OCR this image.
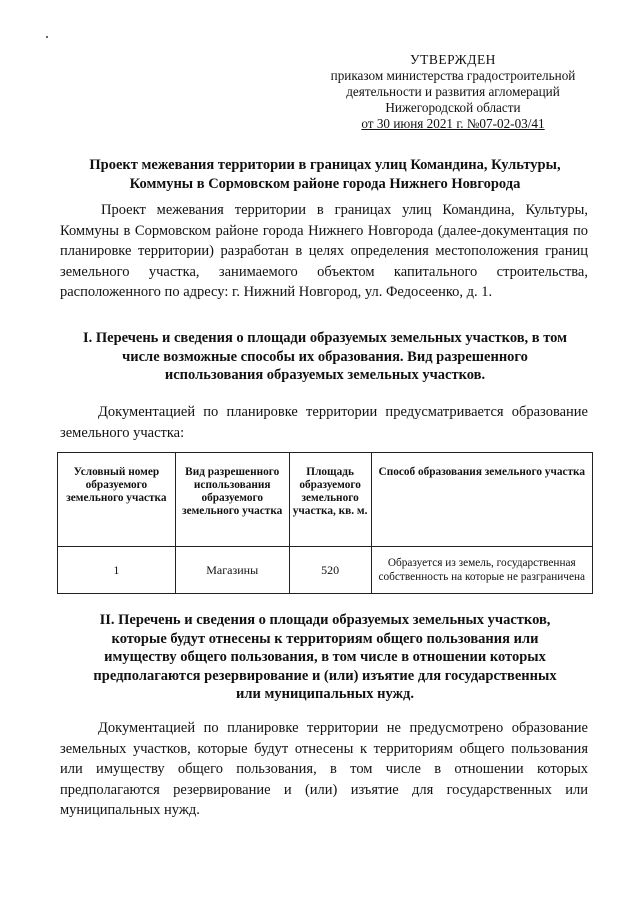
УТВЕРЖДЕН
приказом министерства градостроительной
деятельности и развития агломераций
Нижегородской области
от 30 июня 2021 г. №07-02-03/41
Проект межевания территории в границах улиц Командина, Культуры,
Коммуны в Сормовском районе города Нижнего Новгорода
Проект межевания территории в границах улиц Командина, Культуры, Коммуны в Сормовском районе города Нижнего Новгорода (далее-документация по планировке территории) разработан в целях определения местоположения границ земельного участка, занимаемого объектом капитального строительства, расположенного по адресу: г. Нижний Новгород, ул. Федосеенко, д. 1.
I. Перечень и сведения о площади образуемых земельных участков, в том
числе возможные способы их образования. Вид разрешенного
использования образуемых земельных участков.
Документацией по планировке территории предусматривается образование земельного участка:
Условный номер образуемого земельного участка	Вид разрешенного использования образуемого земельного участка	Площадь образуемого земельного участка, кв. м.	Способ образования земельного участка
1	Магазины	520	Образуется из земель, государственная собственность на которые не разграничена
II. Перечень и сведения о площади образуемых земельных участков,
которые будут отнесены к территориям общего пользования или
имуществу общего пользования, в том числе в отношении которых
предполагаются резервирование и (или) изъятие для государственных
или муниципальных нужд.
Документацией по планировке территории не предусмотрено образование земельных участков, которые будут отнесены к территориям общего пользования или имуществу общего пользования, в том числе в отношении которых предполагаются резервирование и (или) изъятие для государственных или муниципальных нужд.
